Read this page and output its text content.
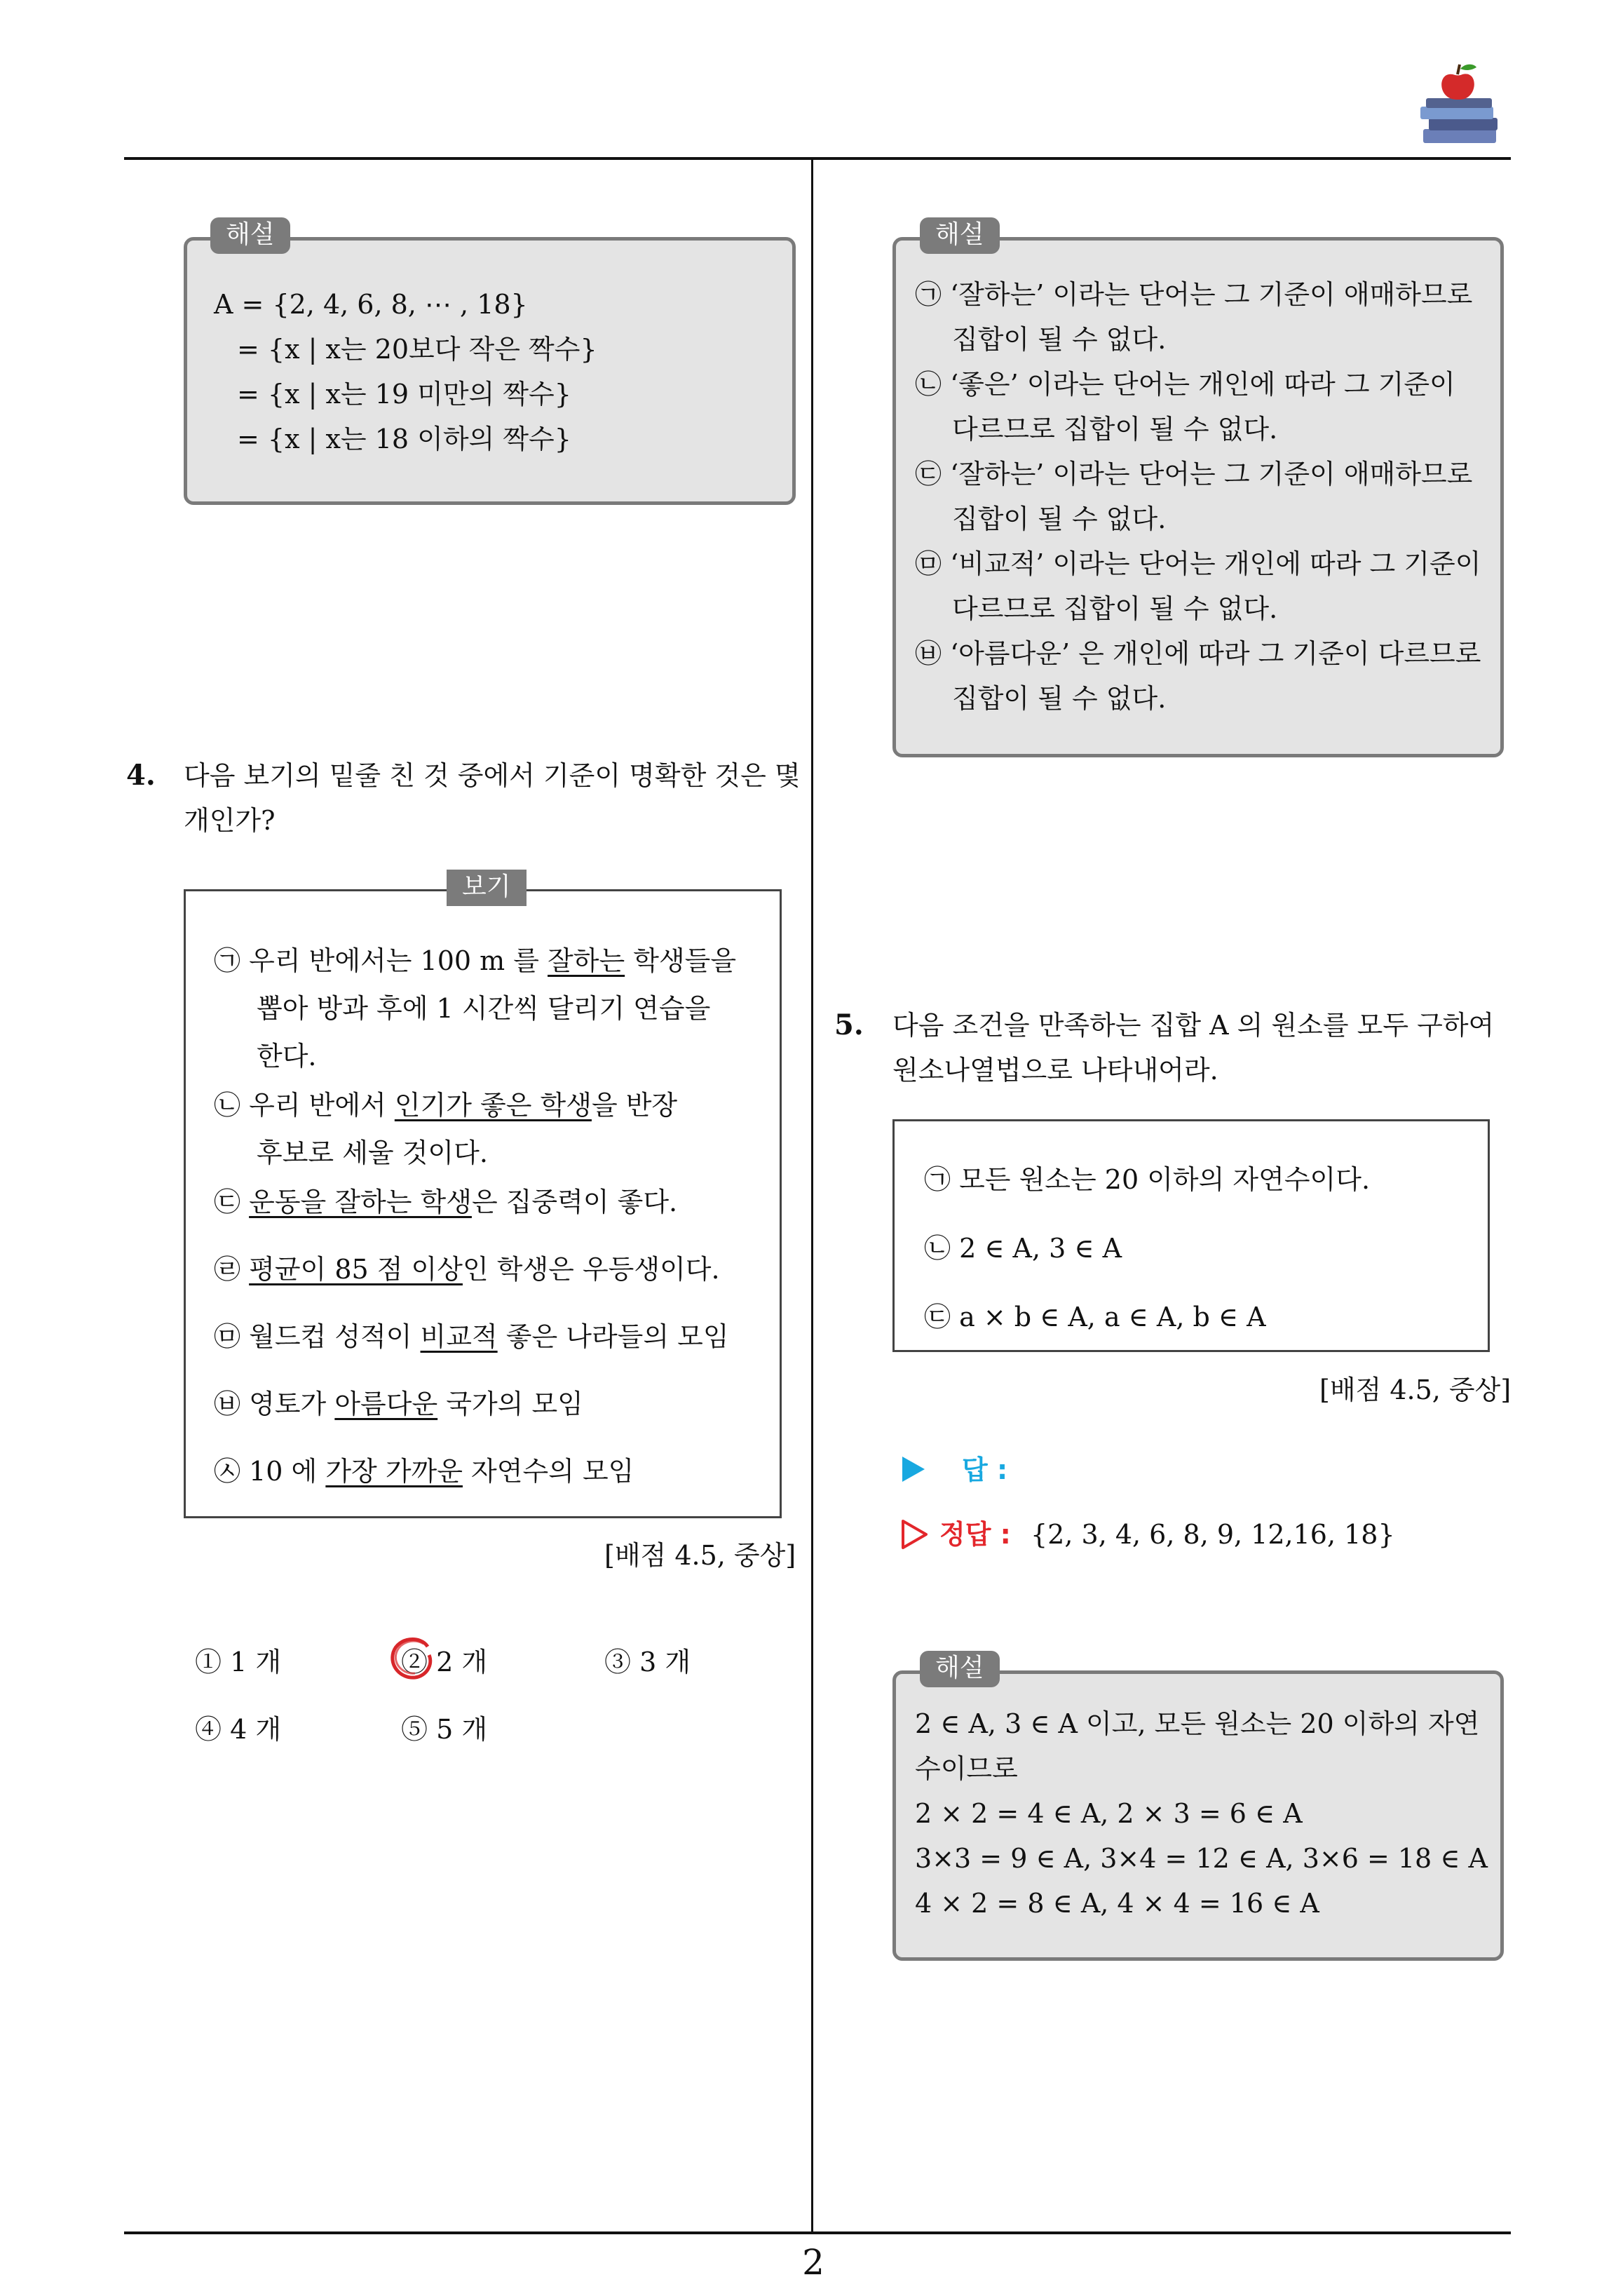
2
해설
A = {2, 4, 6, 8, ⋯ , 18}
= {x | x는 20보다 작은 짝수}
= {x | x는 19 미만의 짝수}
= {x | x는 18 이하의 짝수}
4. 다음 보기의 밑줄 친 것 중에서 기준이 명확한 것은 몇
개인가?
보기
㉠ 우리 반에서는 100 m 를 잘하는 학생들을
뽑아 방과 후에 1 시간씩 달리기 연습을
한다.
㉡ 우리 반에서 인기가 좋은 학생을 반장
후보로 세울 것이다.
㉢ 운동을 잘하는 학생은 집중력이 좋다.
㉣ 평균이 85 점 이상인 학생은 우등생이다.
㉤ 월드컵 성적이 비교적 좋은 나라들의 모임
㉥ 영토가 아름다운 국가의 모임
㉦ 10 에 가장 가까운 자연수의 모임
[배점 4.5, 중상]
① 1 개	② 2 개	③ 3 개
④ 4 개	⑤ 5 개
해설
㉠ ‘잘하는’ 이라는 단어는 그 기준이 애매하므로
집합이 될 수 없다.
㉡ ‘좋은’ 이라는 단어는 개인에 따라 그 기준이
다르므로 집합이 될 수 없다.
㉢ ‘잘하는’ 이라는 단어는 그 기준이 애매하므로
집합이 될 수 없다.
㉤ ‘비교적’ 이라는 단어는 개인에 따라 그 기준이
다르므로 집합이 될 수 없다.
㉥ ‘아름다운’ 은 개인에 따라 그 기준이 다르므로
집합이 될 수 없다.
5. 다음 조건을 만족하는 집합 A 의 원소를 모두 구하여
원소나열법으로 나타내어라.
㉠ 모든 원소는 20 이하의 자연수이다.
㉡ 2 ∈ A, 3 ∈ A
㉢ a × b ∈ A, a ∈ A, b ∈ A
[배점 4.5, 중상]
답 :
정답 : {2, 3, 4, 6, 8, 9, 12,16, 18}
해설
2 ∈ A, 3 ∈ A 이고, 모든 원소는 20 이하의 자연
수이므로
2 × 2 = 4 ∈ A, 2 × 3 = 6 ∈ A
3×3 = 9 ∈ A, 3×4 = 12 ∈ A, 3×6 = 18 ∈ A
4 × 2 = 8 ∈ A, 4 × 4 = 16 ∈ A
